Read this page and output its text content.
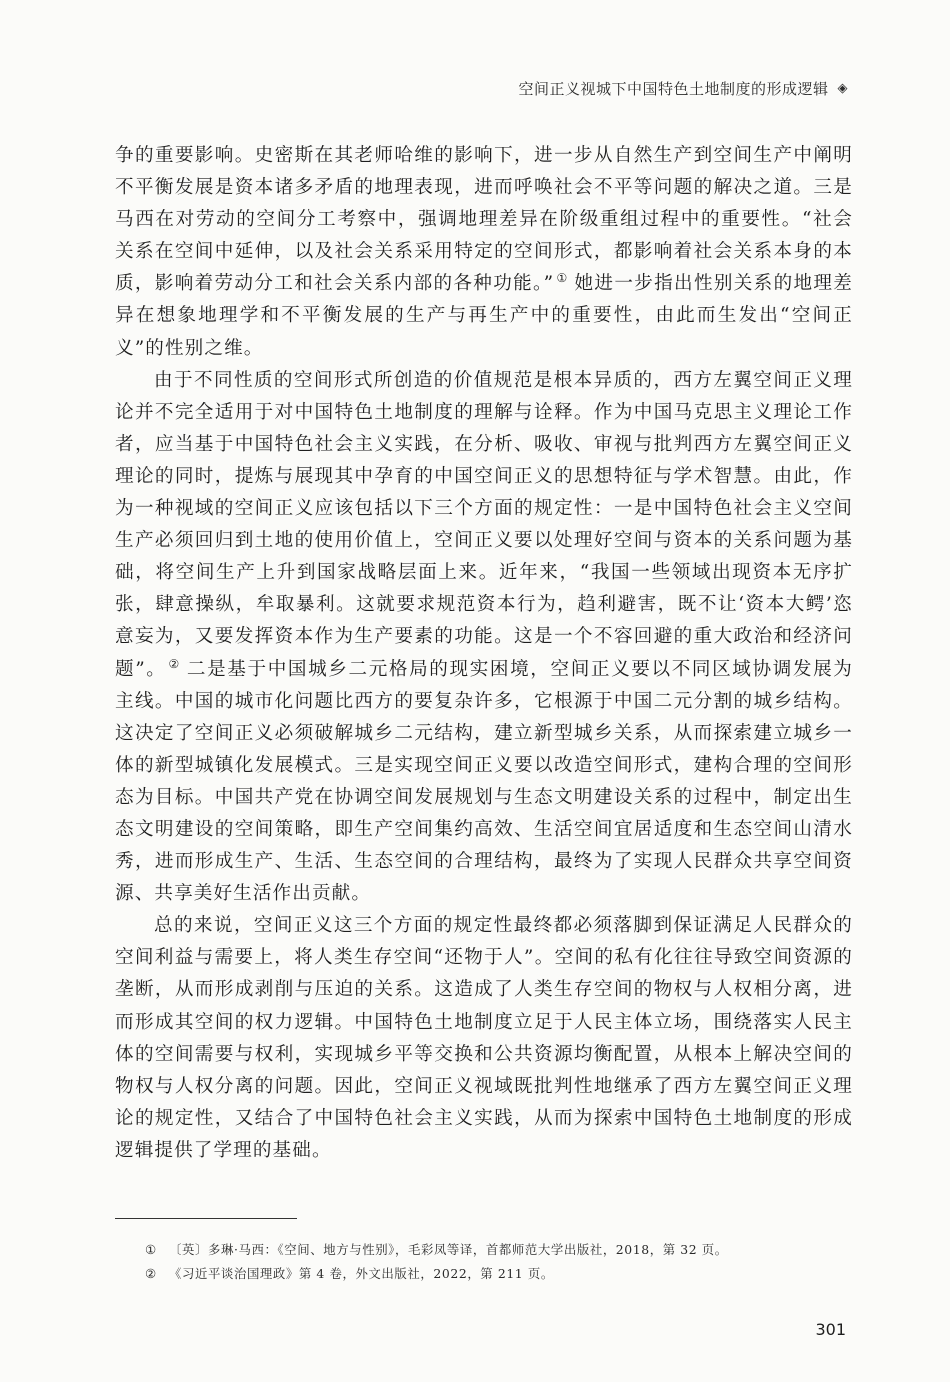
空间正义视城下中国特色土地制度的形成逻辑 ◈

争的重要影响。史密斯在其老师哈维的影响下，进一步从自然生产到空间生产中阐明不平衡发展是资本诸多矛盾的地理表现，进而呼唤社会不平等问题的解决之道。三是马西在对劳动的空间分工考察中，强调地理差异在阶级重组过程中的重要性。“社会关系在空间中延伸，以及社会关系采用特定的空间形式，都影响着社会关系本身的本质，影响着劳动分工和社会关系内部的各种功能。” ① 她进一步指出性别关系的地理差异在想象地理学和不平衡发展的生产与再生产中的重要性，由此而生发出“空间正义”的性别之维。

由于不同性质的空间形式所创造的价值规范是根本异质的，西方左翼空间正义理论并不完全适用于对中国特色土地制度的理解与诠释。作为中国马克思主义理论工作者，应当基于中国特色社会主义实践，在分析、吸收、审视与批判西方左翼空间正义理论的同时，提炼与展现其中孕育的中国空间正义的思想特征与学术智慧。由此，作为一种视域的空间正义应该包括以下三个方面的规定性：一是中国特色社会主义空间生产必须回归到土地的使用价值上，空间正义要以处理好空间与资本的关系问题为基础，将空间生产上升到国家战略层面上来。近年来，“我国一些领域出现资本无序扩张，肆意操纵，牟取暴利。这就要求规范资本行为，趋利避害，既不让‘资本大鳄’恣意妄为，又要发挥资本作为生产要素的功能。这是一个不容回避的重大政治和经济问题”。 ② 二是基于中国城乡二元格局的现实困境，空间正义要以不同区域协调发展为主线。中国的城市化问题比西方的要复杂许多，它根源于中国二元分割的城乡结构。这决定了空间正义必须破解城乡二元结构，建立新型城乡关系，从而探索建立城乡一体的新型城镇化发展模式。三是实现空间正义要以改造空间形式，建构合理的空间形态为目标。中国共产党在协调空间发展规划与生态文明建设关系的过程中，制定出生态文明建设的空间策略，即生产空间集约高效、生活空间宜居适度和生态空间山清水秀，进而形成生产、生活、生态空间的合理结构，最终为了实现人民群众共享空间资源、共享美好生活作出贡献。

总的来说，空间正义这三个方面的规定性最终都必须落脚到保证满足人民群众的空间利益与需要上，将人类生存空间“还物于人”。空间的私有化往往导致空间资源的垄断，从而形成剥削与压迫的关系。这造成了人类生存空间的物权与人权相分离，进而形成其空间的权力逻辑。中国特色土地制度立足于人民主体立场，围绕落实人民主体的空间需要与权利，实现城乡平等交换和公共资源均衡配置，从根本上解决空间的物权与人权分离的问题。因此，空间正义视域既批判性地继承了西方左翼空间正义理论的规定性，又结合了中国特色社会主义实践，从而为探索中国特色土地制度的形成逻辑提供了学理的基础。

① 〔英〕多琳·马西：《空间、地方与性别》，毛彩凤等译，首都师范大学出版社，2018，第 32 页。
② 《习近平谈治国理政》第 4 卷，外文出版社，2022，第 211 页。
301
